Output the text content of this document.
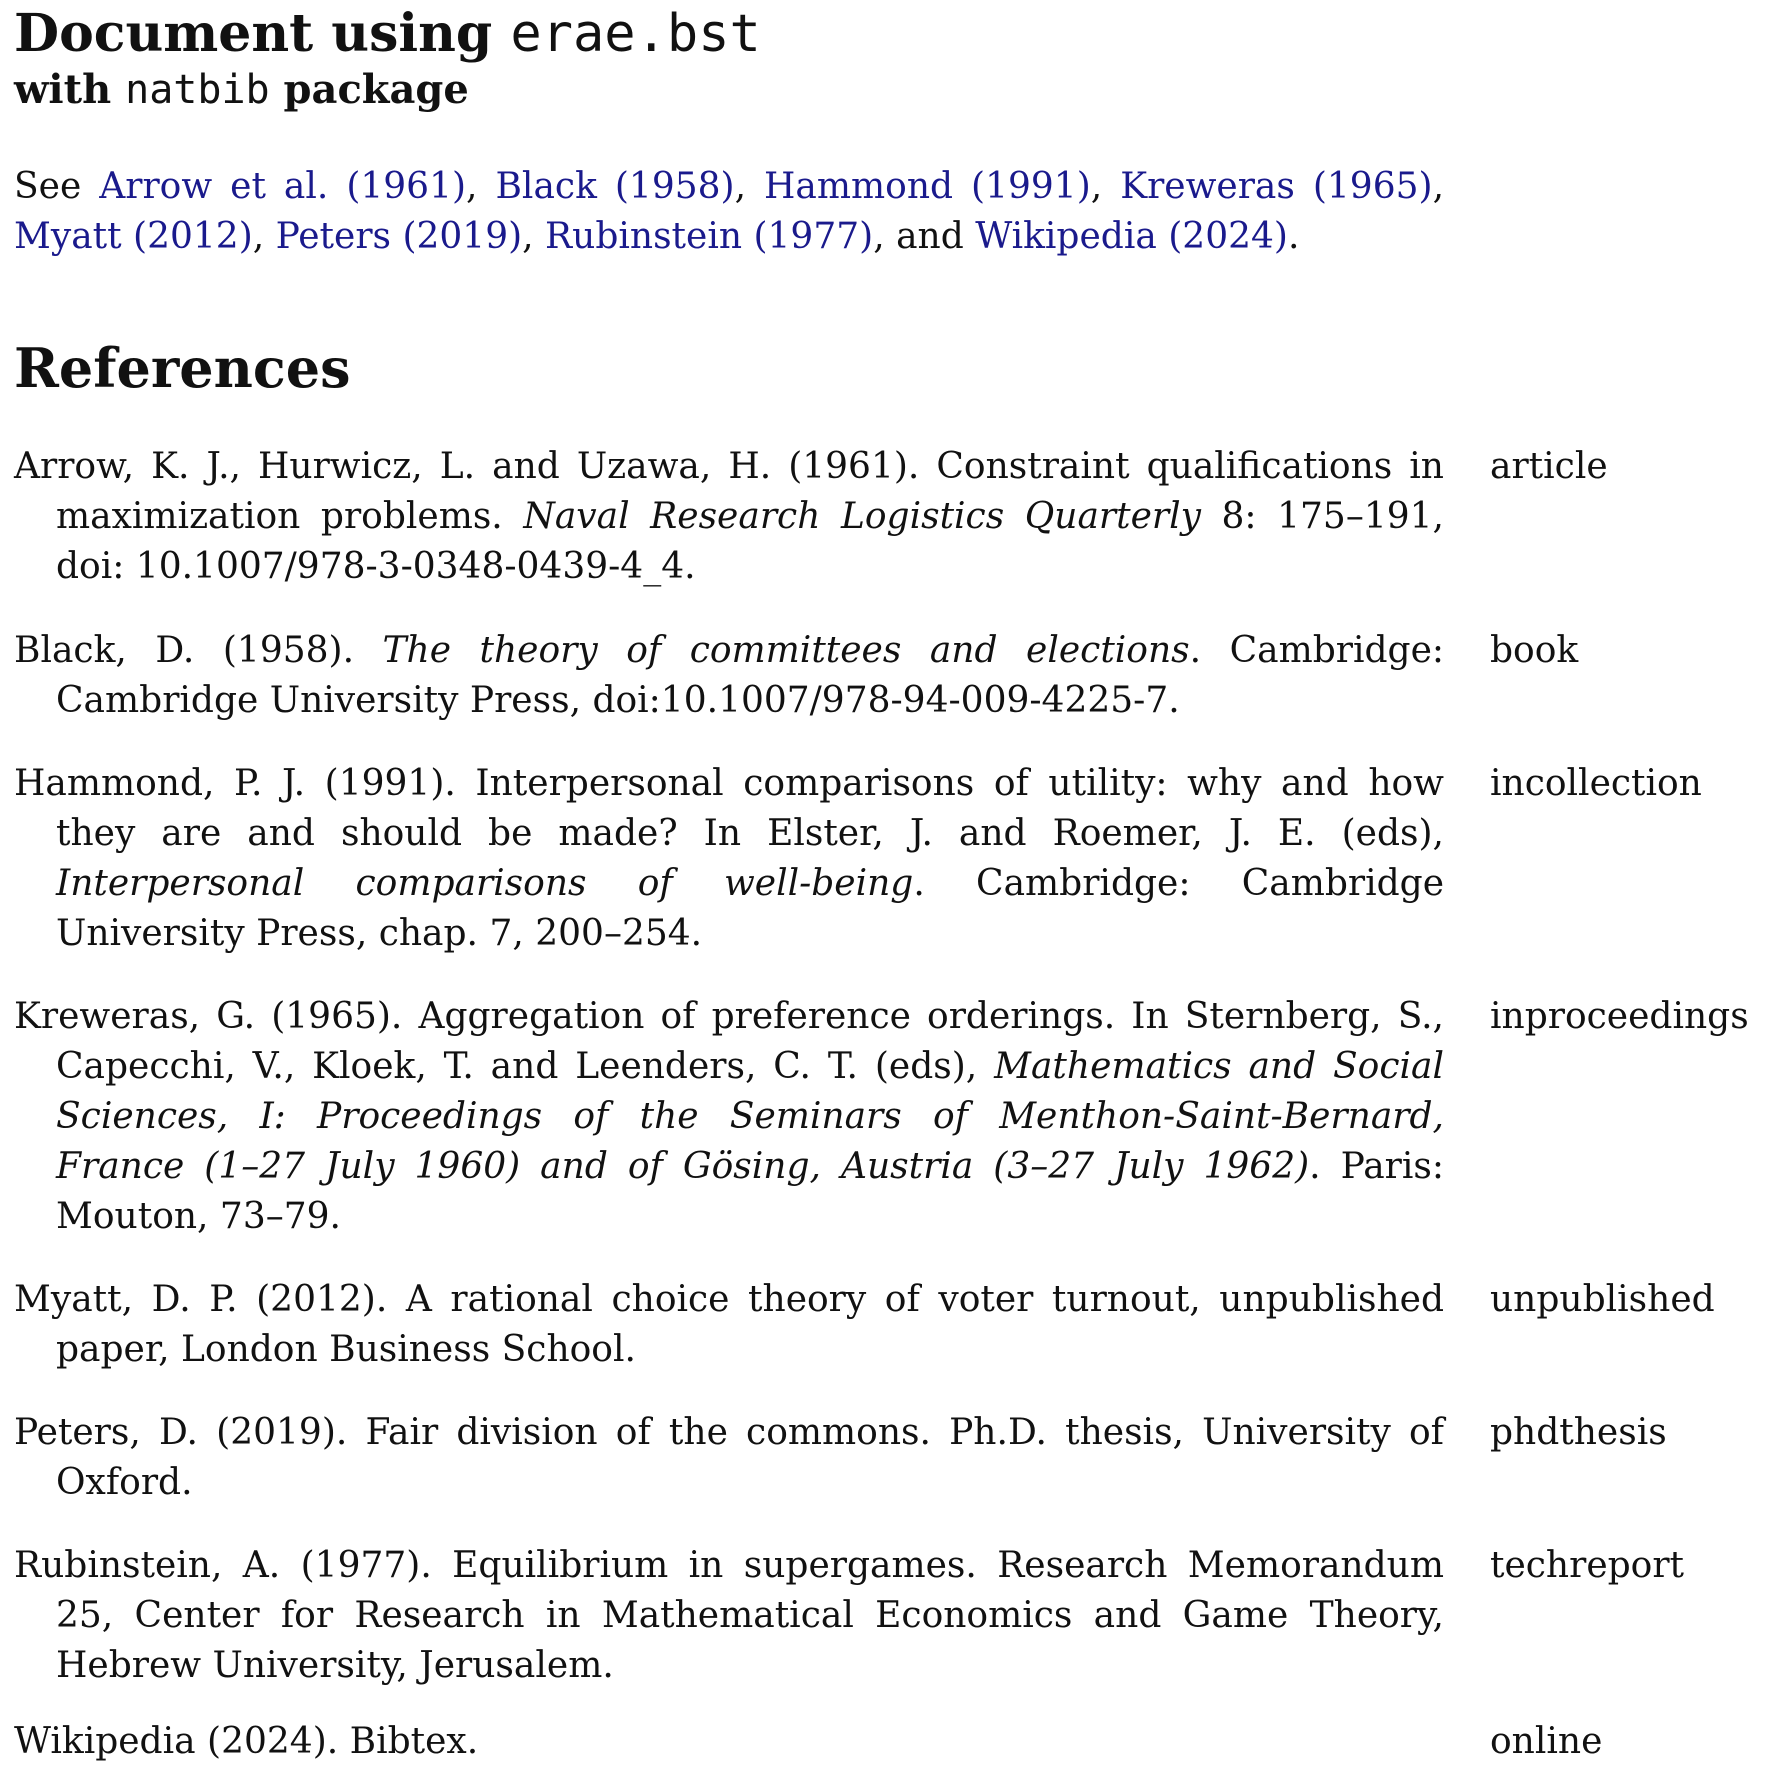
Document using erae.bst
with natbib package

See Arrow et al. (1961), Black (1958), Hammond (1991), Kreweras (1965), Myatt (2012), Peters (2019), Rubinstein (1977), and Wikipedia (2024).

References
Arrow, K. J., Hurwicz, L. and Uzawa, H. (1961). Constraint qualifications in maximization problems. Naval Research Logistics Quarterly 8: 175–191, doi: 10.1007/978-3-0348-0439-4_4.
article
Black, D. (1958). The theory of committees and elections. Cambridge: Cambridge University Press, doi:10.1007/978-94-009-4225-7.
book
Hammond, P. J. (1991). Interpersonal comparisons of utility: why and how they are and should be made? In Elster, J. and Roemer, J. E. (eds), Interpersonal comparisons of well-being. Cambridge: Cambridge University Press, chap. 7, 200–254.
incollection
Kreweras, G. (1965). Aggregation of preference orderings. In Sternberg, S., Capecchi, V., Kloek, T. and Leenders, C. T. (eds), Mathematics and Social Sciences, I: Proceedings of the Seminars of Menthon-Saint-Bernard, France (1–27 July 1960) and of Gösing, Austria (3–27 July 1962). Paris: Mouton, 73–79.
inproceedings
Myatt, D. P. (2012). A rational choice theory of voter turnout, unpublished paper, London Business School.
unpublished
Peters, D. (2019). Fair division of the commons. Ph.D. thesis, University of Oxford.
phdthesis
Rubinstein, A. (1977). Equilibrium in supergames. Research Memorandum 25, Center for Research in Mathematical Economics and Game Theory, Hebrew University, Jerusalem.
techreport
Wikipedia (2024). Bibtex.	online
